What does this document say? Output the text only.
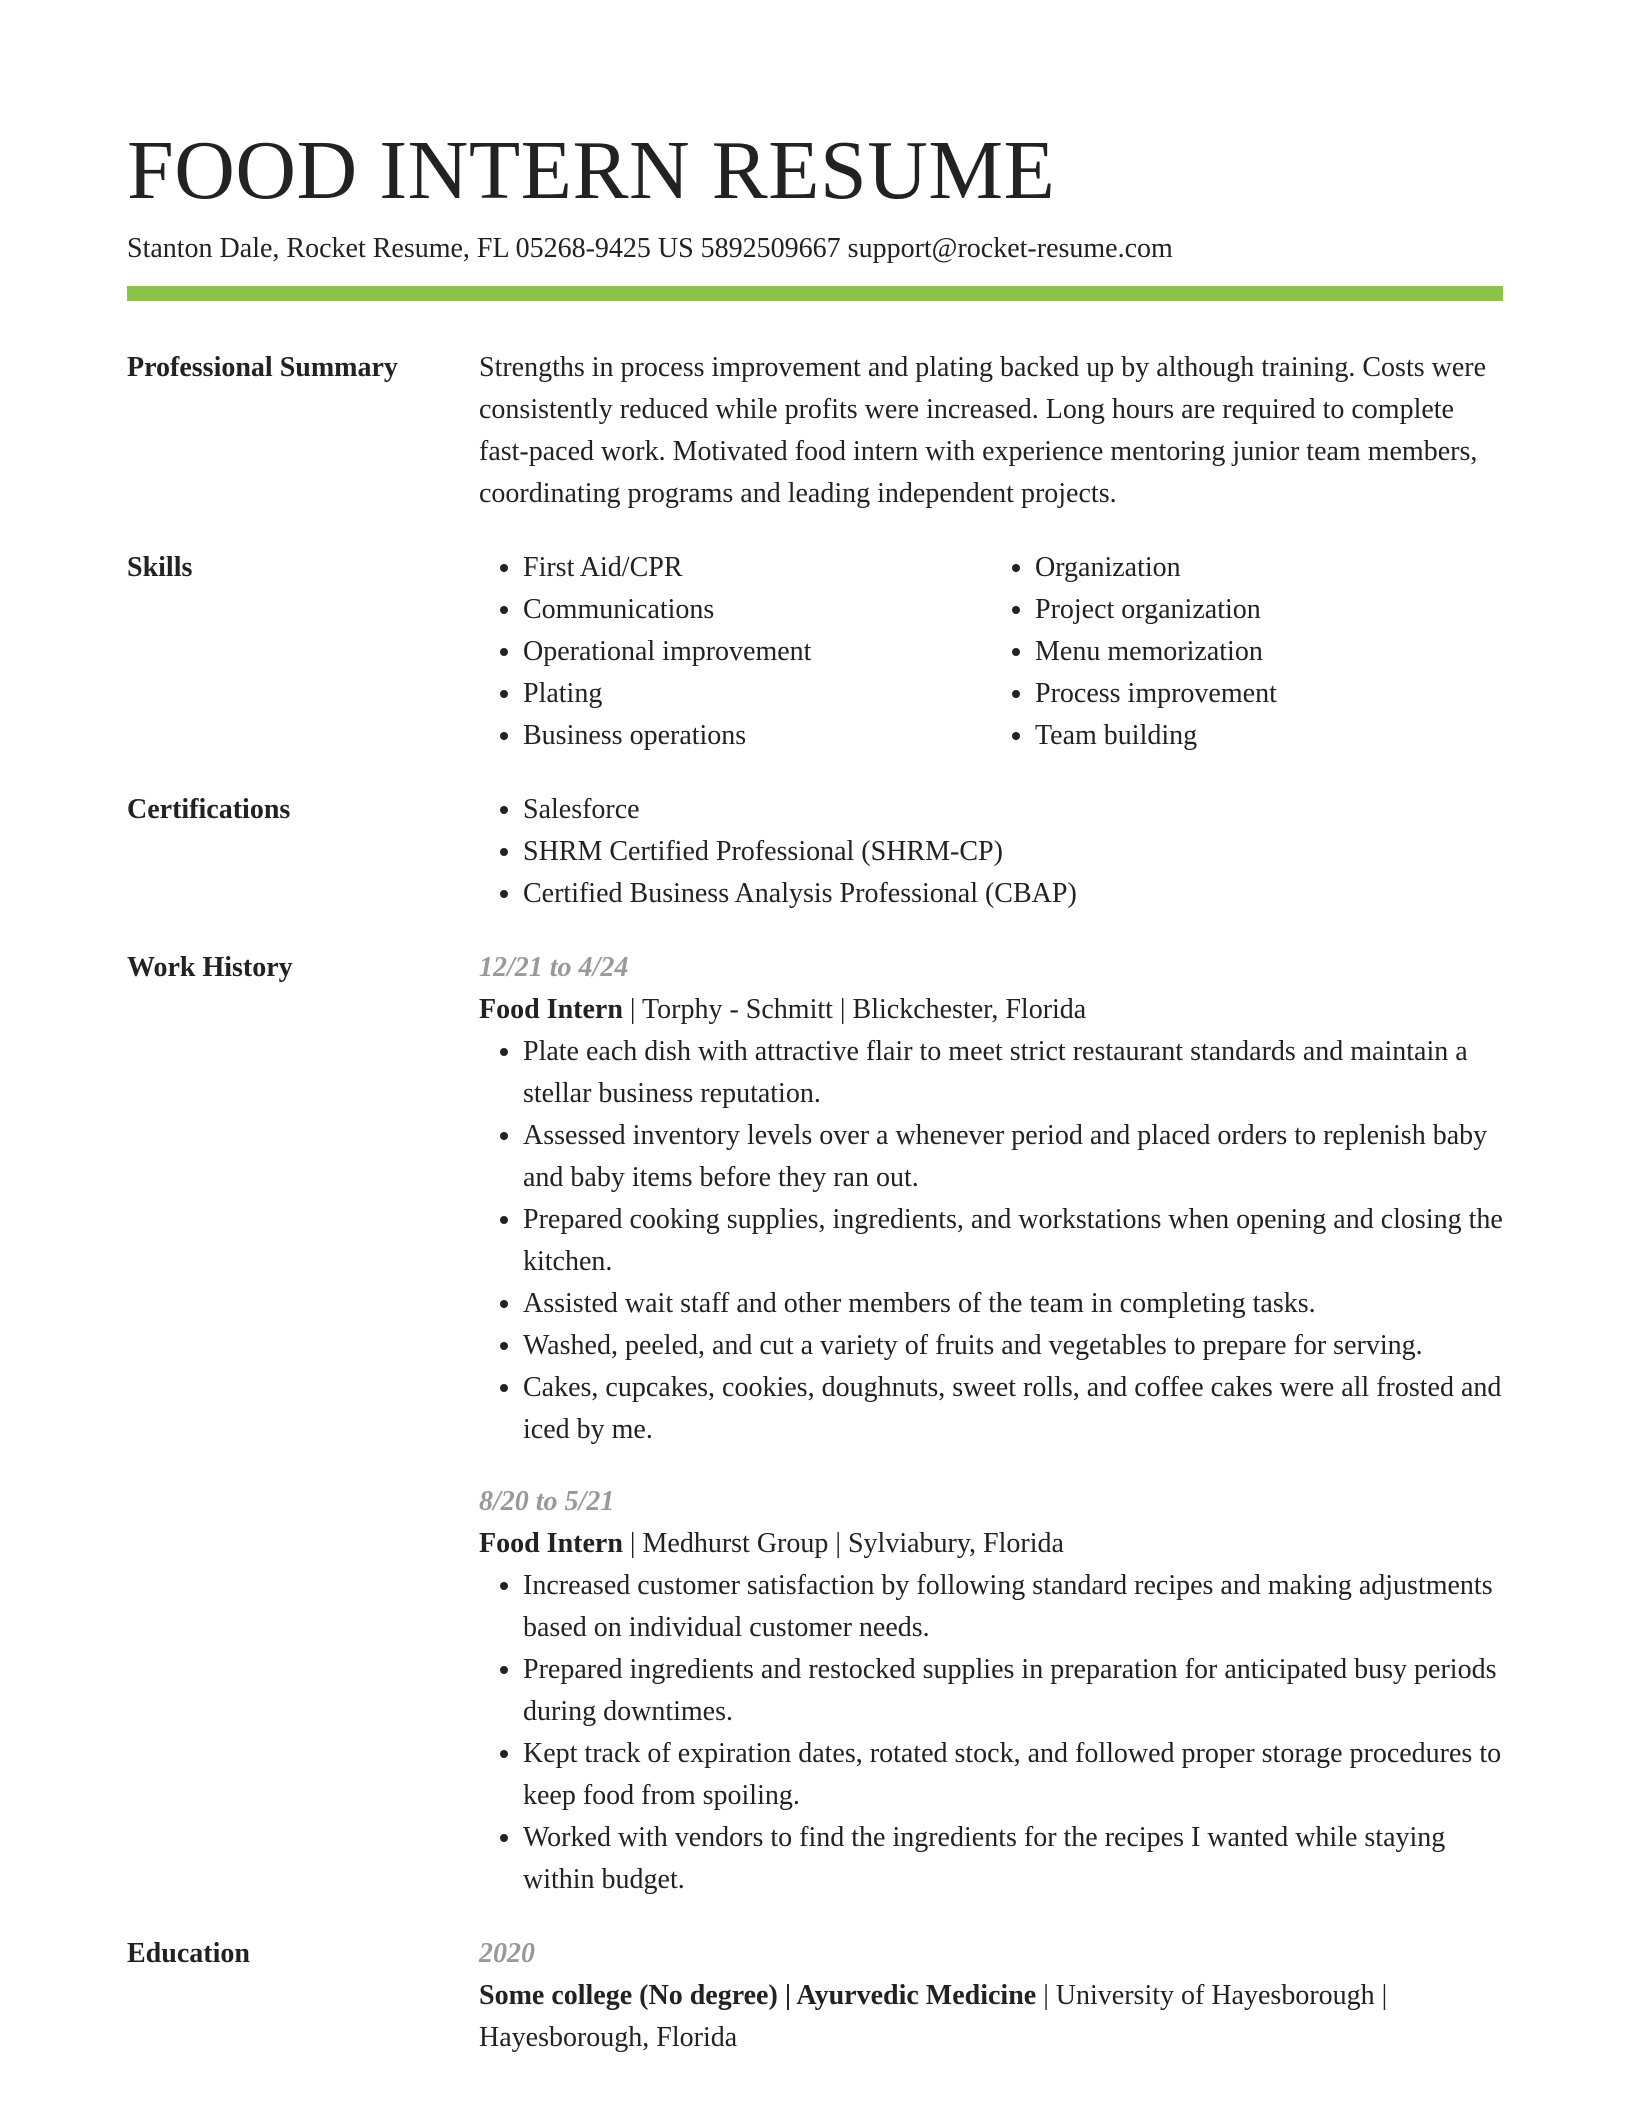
FOOD INTERN RESUME
Stanton Dale, Rocket Resume, FL 05268-9425 US 5892509667 support@rocket-resume.com
Professional Summary	Strengths in process improvement and plating backed up by although training. Costs were consistently reduced while profits were increased. Long hours are required to complete fast-paced work. Motivated food intern with experience mentoring junior team members, coordinating programs and leading independent projects.

Skills	• First Aid/CPR
• Communications
• Operational improvement
• Plating
• Business operations
• Organization
• Project organization
• Menu memorization
• Process improvement
• Team building
Certifications	• Salesforce
• SHRM Certified Professional (SHRM-CP)
• Certified Business Analysis Professional (CBAP)
Work History	12/21 to 4/24
Food Intern | Torphy - Schmitt | Blickchester, Florida
• Plate each dish with attractive flair to meet strict restaurant standards and maintain a stellar business reputation.
• Assessed inventory levels over a whenever period and placed orders to replenish baby and baby items before they ran out.
• Prepared cooking supplies, ingredients, and workstations when opening and closing the kitchen.
• Assisted wait staff and other members of the team in completing tasks.
• Washed, peeled, and cut a variety of fruits and vegetables to prepare for serving.
• Cakes, cupcakes, cookies, doughnuts, sweet rolls, and coffee cakes were all frosted and iced by me.
8/20 to 5/21
Food Intern | Medhurst Group | Sylviabury, Florida
• Increased customer satisfaction by following standard recipes and making adjustments based on individual customer needs.
• Prepared ingredients and restocked supplies in preparation for anticipated busy periods during downtimes.
• Kept track of expiration dates, rotated stock, and followed proper storage procedures to keep food from spoiling.
• Worked with vendors to find the ingredients for the recipes I wanted while staying within budget.
Education	2020
Some college (No degree) | Ayurvedic Medicine | University of Hayesborough | Hayesborough, Florida
